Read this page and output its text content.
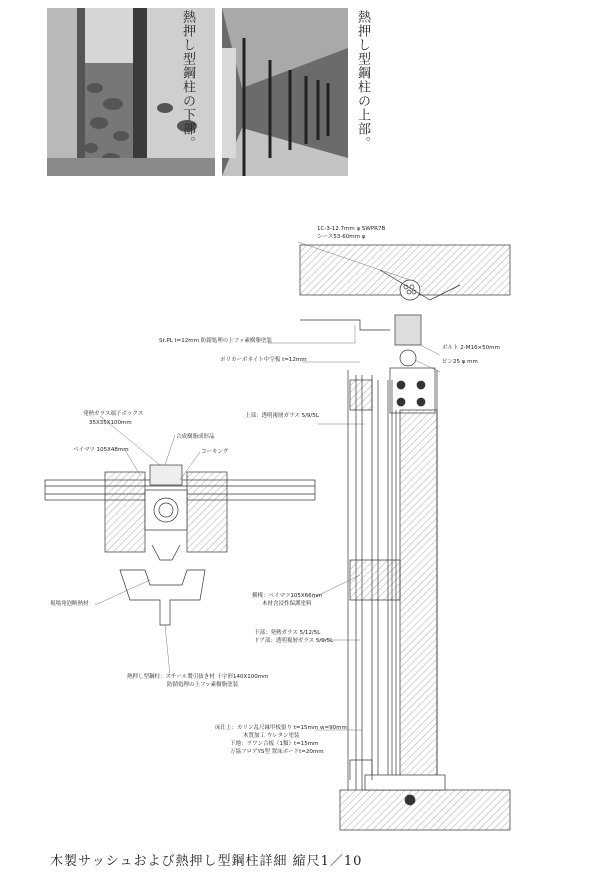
熱押し型鋼柱の下部。	熱押し型鋼柱の上部。
1C-3-12.7mm φ SWPR7B
シース53-60mm φ
St.PL t=12mm 防錆処理の上フッ素樹脂塗装
ポリカーボネイト中空板 t=12mm
ボルト 2-M16×50mm
ピン25 φ mm
上部：透明複層ガラス 5/9/5L
発熱ガラス端子ボックス
35X35X100mm
合成樹脂成形品
ベイマツ 105X48mm	コーキング
現場発泡断熱材
横桟：ベイマツ105X66mm
木材含浸性保護塗料
下部：発熱ガラス 5/12/5L
ドア部：透明複層ガラス 5/9/5L
熱押し型鋼柱：スチール製引抜き材 十字形140X100mm
防錆処理の上フッ素樹脂塗装
床仕上：カリン乱尺縁甲板張り t=15mm w=90mm
木質加工 ウレタン塗装
下地：ラワン合板（1類）t=15mm
万協フロアYS型 置床ボードt=20mm
木製サッシュおよび熱押し型鋼柱詳細 縮尺1／10
